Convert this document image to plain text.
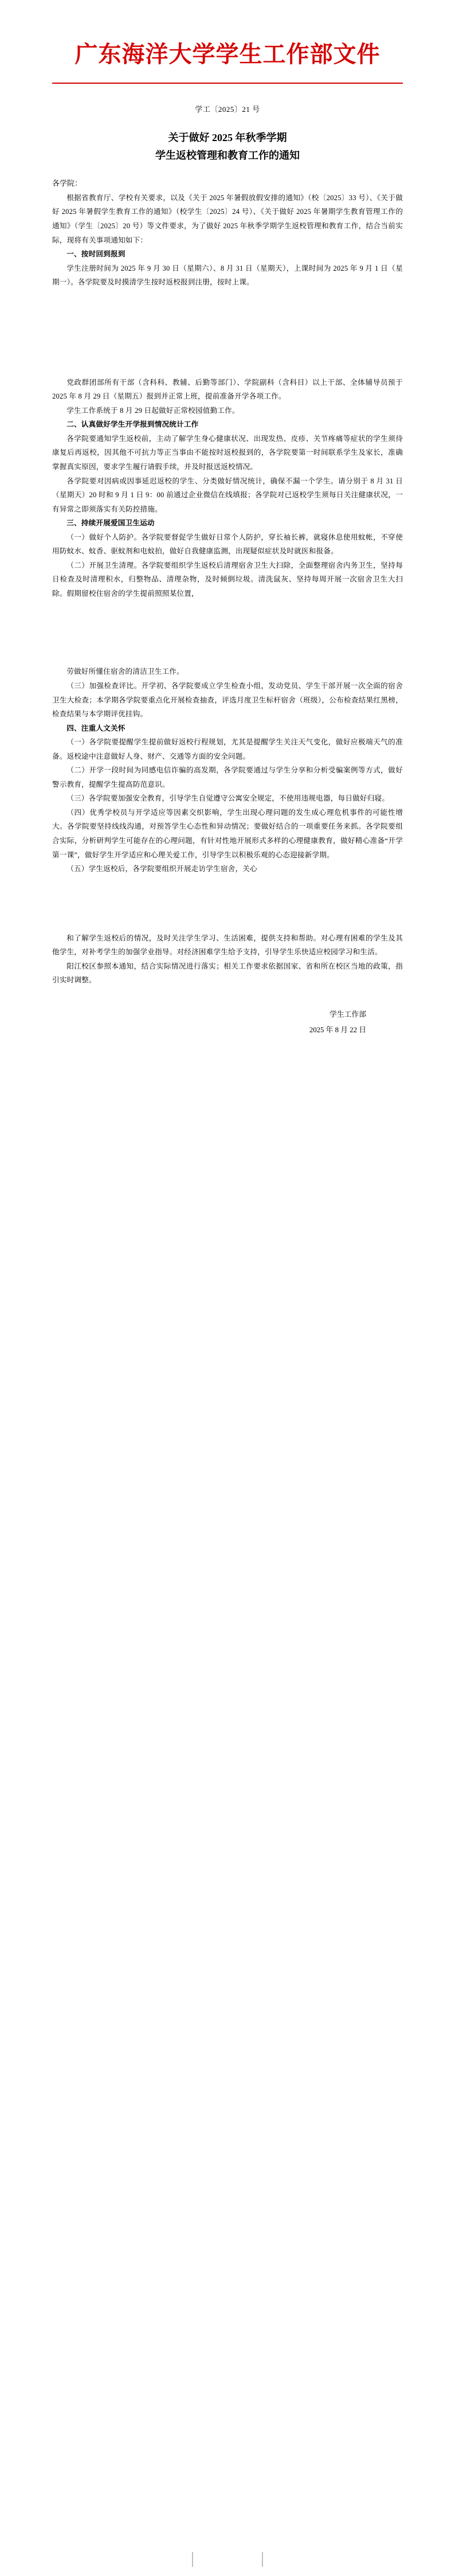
广东海洋大学学生工作部文件
学工〔2025〕21 号
关于做好 2025 年秋季学期
学生返校管理和教育工作的通知
各学院：

根据省教育厅、学校有关要求，以及《关于 2025 年暑假放假安排的通知》（校〔2025〕33 号）、《关于做好 2025 年暑假学生教育工作的通知》（校学生〔2025〕24 号）、《关于做好 2025 年暑期学生教育管理工作的通知》（学生〔2025〕20 号）等文件要求，为了做好 2025 年秋季学期学生返校管理和教育工作，结合当前实际，现将有关事项通知如下：

一、按时回到报到

学生注册时间为 2025 年 9 月 30 日（星期六）、8 月 31 日（星期天），上课时间为 2025 年 9 月 1 日（星期一）。各学院要及时摸清学生按时返校报到注册，按时上课。

党政群团部所有干部（含科科、教辅、后勤等部门）、学院副科（含科目）以上干部、全体辅导员预于 2025 年 8 月 29 日（星期五）报到并正常上班，提前准备开学各项工作。

学生工作系统于 8 月 29 日起做好正常校园值勤工作。

二、认真做好学生开学报到情况统计工作

各学院要通知学生返校前，主动了解学生身心健康状况、出现发热、皮疹、关节疼痛等症状的学生须待康复后再返校，因其他不可抗力等正当事由不能按时返校报到的，各学院要第一时间联系学生及家长，准确掌握真实原因，要求学生履行请假手续，并及时报送返校情况。

各学院要对因病或因事延迟返校的学生、分类做好情况统计，确保不漏一个学生。请分别于 8 月 31 日（星期天）20 时和 9 月 1 日 9：00 前通过企业微信在线填报；各学院对已返校学生须每日关注健康状况，一有异常之即须落实有关防控措施。

三、持续开展爱国卫生运动

（一）做好个人防护。各学院要督促学生做好日常个人防护，穿长袖长裤，就寝休息使用蚊帐，不穿使用防蚊水、蚊香、驱蚊剂和电蚊拍，做好自我健康监测，出现疑似症状及时就医和报备。

（二）开展卫生清理。各学院要组织学生返校后清理宿舍卫生大扫除，全面整理宿舍内务卫生，坚持每日检查及时清理积水，归整物品、清理杂物，及时倾倒垃圾。清洗鼠灰、坚持每周开展一次宿舍卫生大扫除。假期留校住宿舍的学生提前照照某位置，

劳做好所懂住宿舍的清洁卫生工作。

（三）加强检查评比。开学初、各学院要成立学生检查小组，发动党员、学生干部开展一次全面的宿舍卫生大检查；本学期各学院要重点化开展检查抽查，评选月度卫生标杆宿舍（班级），公布检查结果红黑榜，检查结果与本学期评优挂钩。

四、注重人文关怀

（一）各学院要提醒学生提前做好返校行程规划，尤其是提醒学生关注天气变化，做好应极端天气的准备。返校途中注意做好人身、财产、交通等方面的安全问题。

（二）开学一段时间为同感电信诈骗的高发期，各学院要通过与学生分享和分析受骗案例等方式，做好警示教育，提醒学生提高防范意识。

（三）各学院要加强安全教育，引导学生自觉遵守公寓安全规定，不使用违规电器，每日做好归寝。

（四）优秀学校员与开学适应等因素交织影响，学生出现心理问题的发生成心理危机事件的可能性增大。各学院要坚持线线沟通，对预答学生心态性和异动情况；要做好结合的一项重要任务来抓。各学院要组合实际，分析研判学生可能存在的心理问题，有针对性地开展形式多样的心理健康教育，做好精心准备“开学第一课”，做好学生开学适应和心理关爱工作，引导学生以积极乐观的心态迎接新学期。

（五）学生返校后，各学院要组织开展走访学生宿舍，关心

和了解学生返校后的情况，及时关注学生学习、生活困难，提供支持和帮助。对心理有困难的学生及其他学生，对补考学生的加强学业指导。对经济困难学生给予支持，引导学生乐快适应校园学习和生活。

阳江校区参照本通知，结合实际情况进行落实；相关工作要求依据国家、省和所在校区当地的政策，指引实时调整。

学生工作部
2025 年 8 月 22 日
